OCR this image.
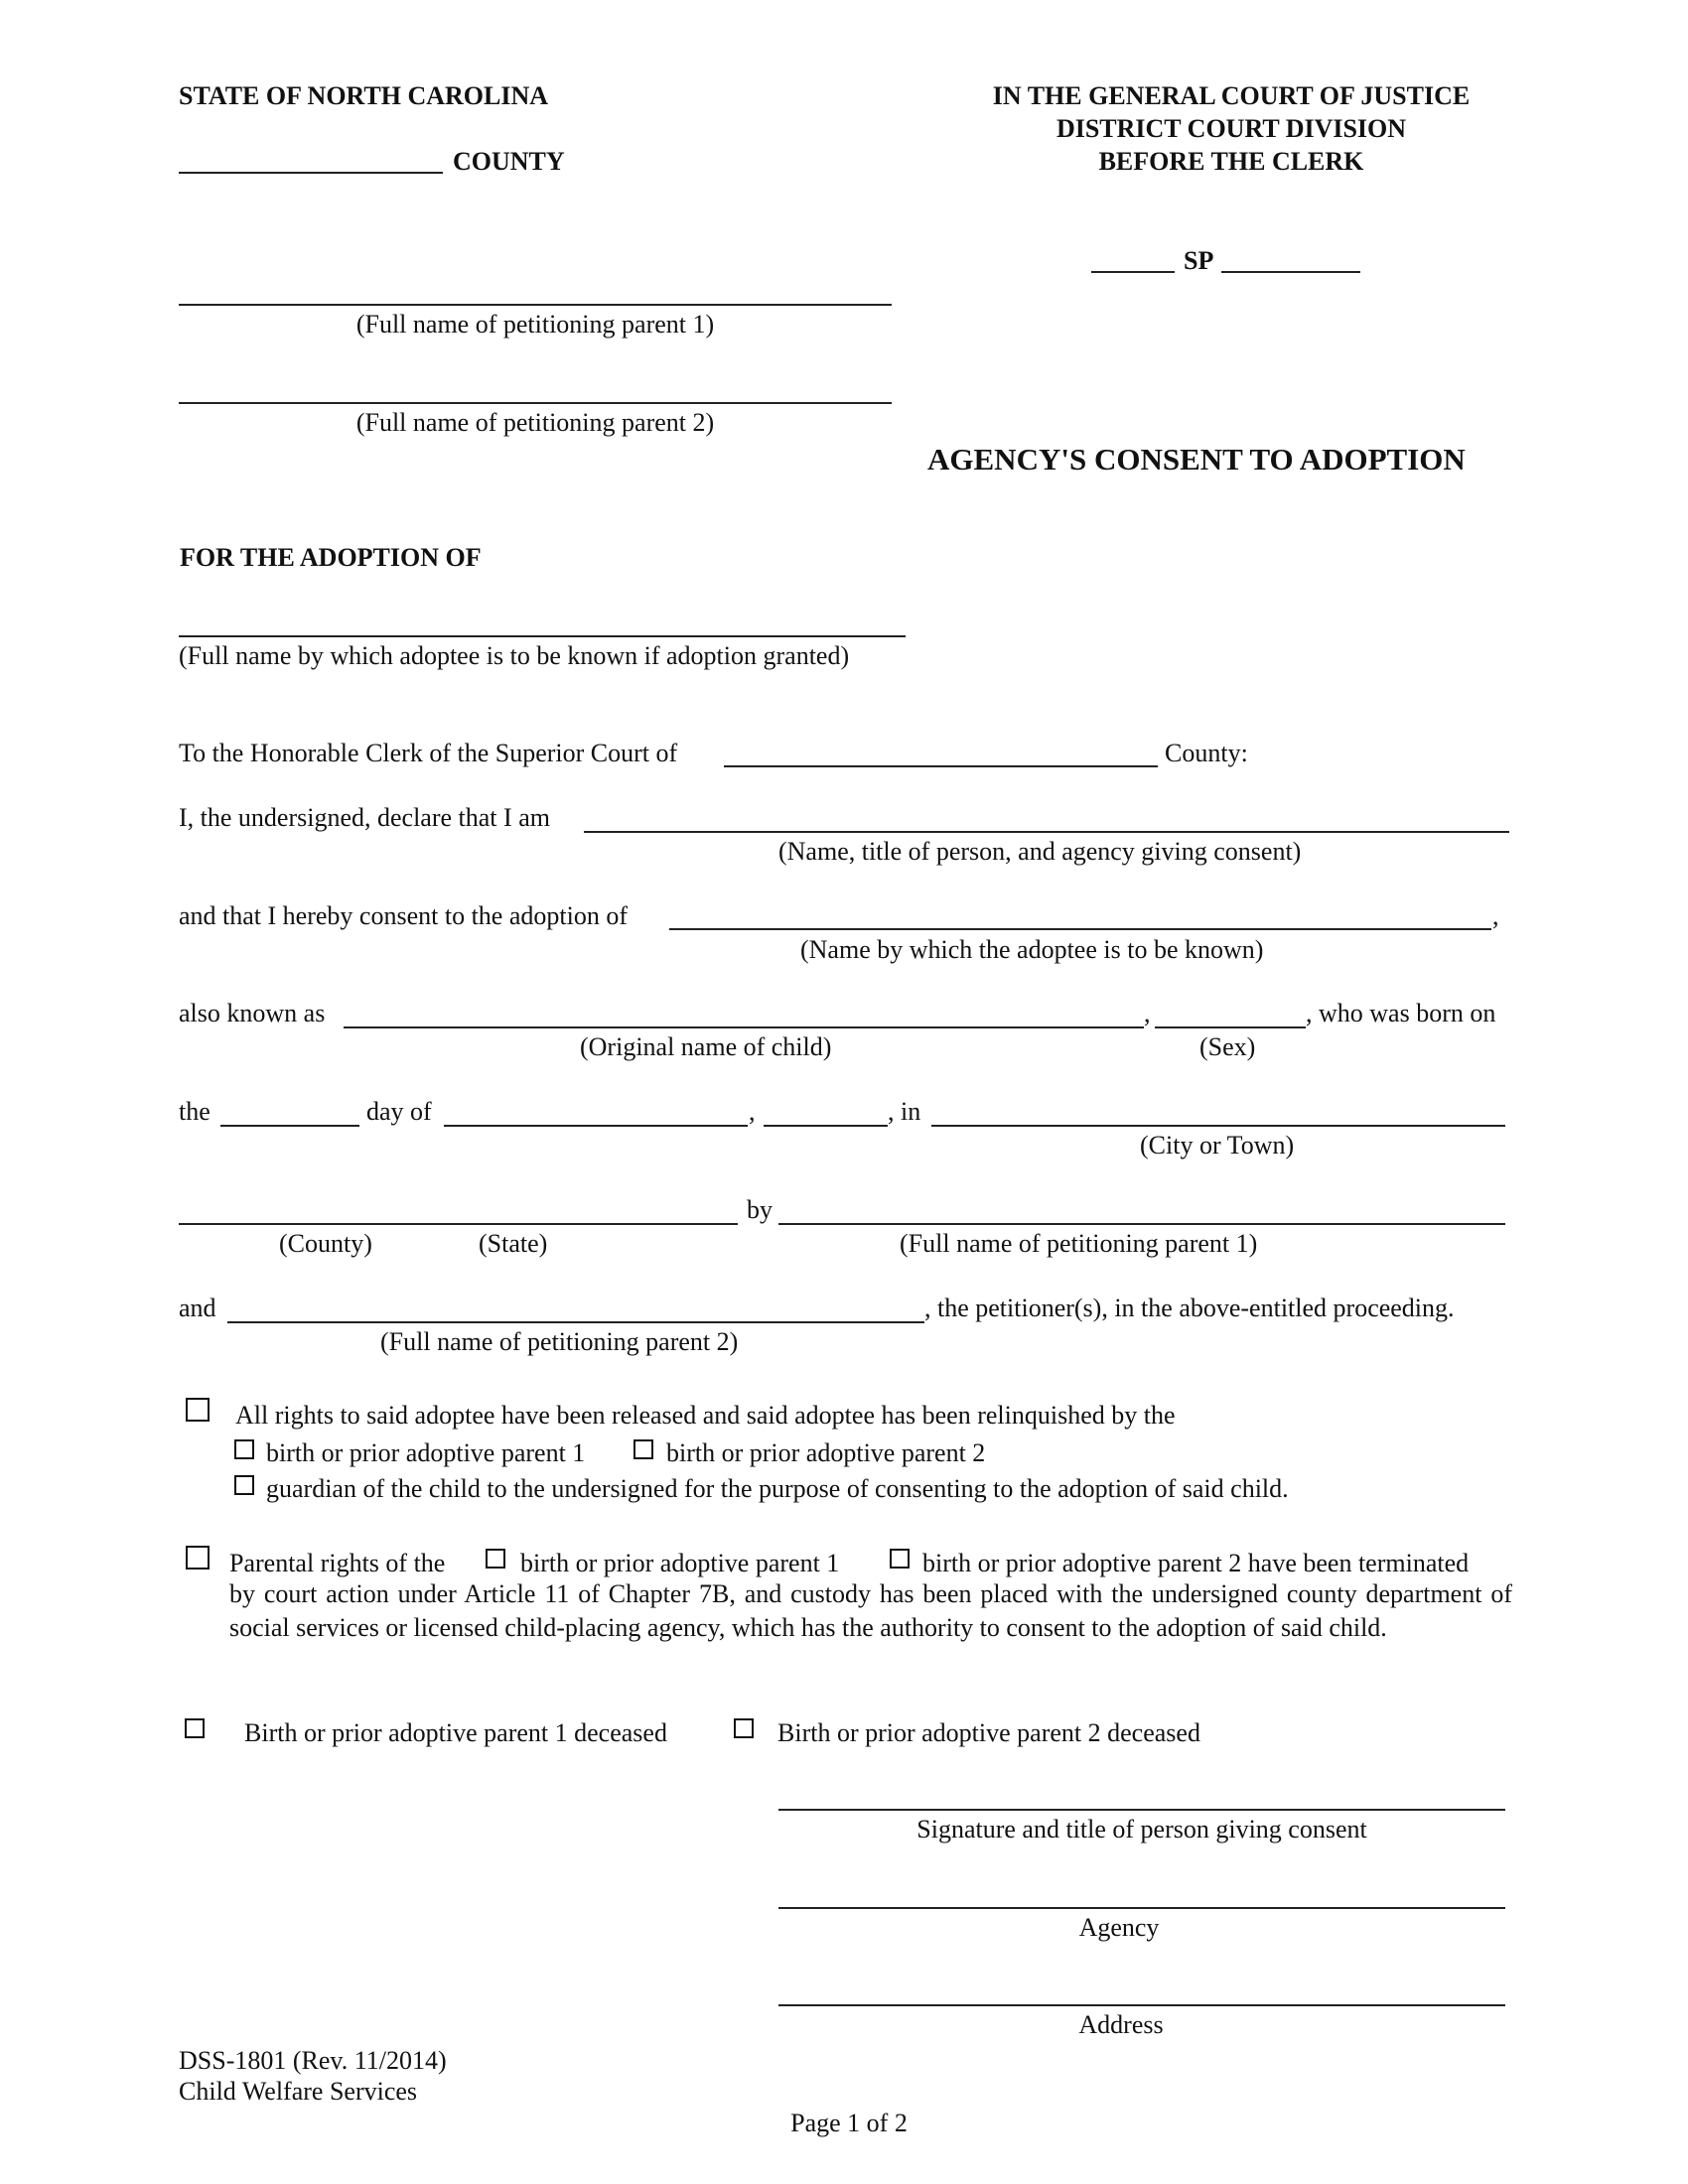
STATE OF NORTH CAROLINA
COUNTY
IN THE GENERAL COURT OF JUSTICE
DISTRICT COURT DIVISION
BEFORE THE CLERK
SP
(Full name of petitioning parent 1)
(Full name of petitioning parent 2)
AGENCY'S CONSENT TO ADOPTION
FOR THE ADOPTION OF
(Full name by which adoptee is to be known if adoption granted)
To the Honorable Clerk of the Superior Court of	County:
I, the undersigned, declare that I am
(Name, title of person, and agency giving consent)
and that I hereby consent to the adoption of	,
(Name by which the adoptee is to be known)
also known as	,	, who was born on
(Original name of child)	(Sex)
the	day of	,	, in
(City or Town)
by
(County)	(State)	(Full name of petitioning parent 1)
and	, the petitioner(s), in the above-entitled proceeding.
(Full name of petitioning parent 2)
All rights to said adoptee have been released and said adoptee has been relinquished by the
birth or prior adoptive parent 1	birth or prior adoptive parent 2
guardian of the child to the undersigned for the purpose of consenting to the adoption of said child.
Parental rights of the	birth or prior adoptive parent 1	birth or prior adoptive parent 2 have been terminated
by court action under Article 11 of Chapter 7B, and custody has been placed with the undersigned county department of social services or licensed child-placing agency, which has the authority to consent to the adoption of said child.
Birth or prior adoptive parent 1 deceased	Birth or prior adoptive parent 2 deceased
Signature and title of person giving consent
Agency
Address
DSS-1801 (Rev. 11/2014)
Child Welfare Services
Page 1 of 2
